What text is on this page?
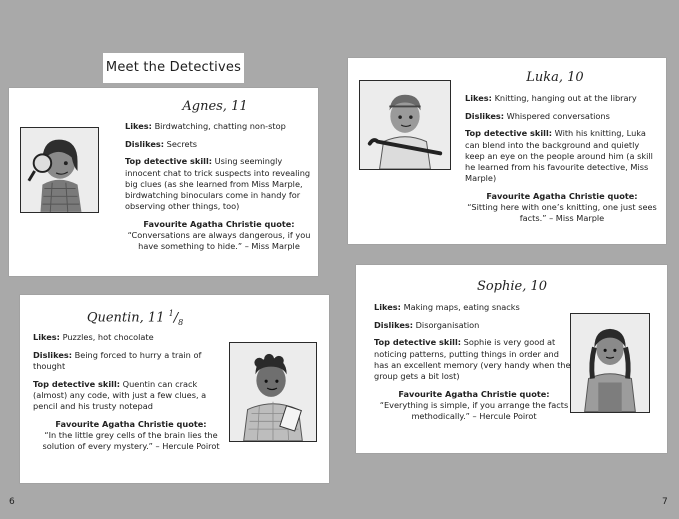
Meet the Detectives
Agnes, 11

Likes: Birdwatching, chatting non-stop

Dislikes: Secrets

Top detective skill: Using seemingly innocent chat to trick suspects into revealing big clues (as she learned from Miss Marple, birdwatching binoculars come in handy for observing other things, too)

Favourite Agatha Christie quote:

“Conversations are always dangerous, if you have something to hide.” – Miss Marple

Luka, 10

Likes: Knitting, hanging out at the library

Dislikes: Whispered conversations

Top detective skill: With his knitting, Luka can blend into the background and quietly keep an eye on the people around him (a skill he learned from his favourite detective, Miss Marple)

Favourite Agatha Christie quote:

“Sitting here with one’s knitting, one just sees facts.” – Miss Marple

Quentin, 11 $^1/_8$

Likes: Puzzles, hot chocolate

Dislikes: Being forced to hurry a train of thought

Top detective skill: Quentin can crack (almost) any code, with just a few clues, a pencil and his trusty notepad

Favourite Agatha Christie quote:

“In the little grey cells of the brain lies the solution of every mystery.” – Hercule Poirot

Sophie, 10

Likes: Making maps, eating snacks

Dislikes: Disorganisation

Top detective skill: Sophie is very good at noticing patterns, putting things in order and has an excellent memory (very handy when the group gets a bit lost)

Favourite Agatha Christie quote:

“Everything is simple, if you arrange the facts methodically.” – Hercule Poirot

6	7
